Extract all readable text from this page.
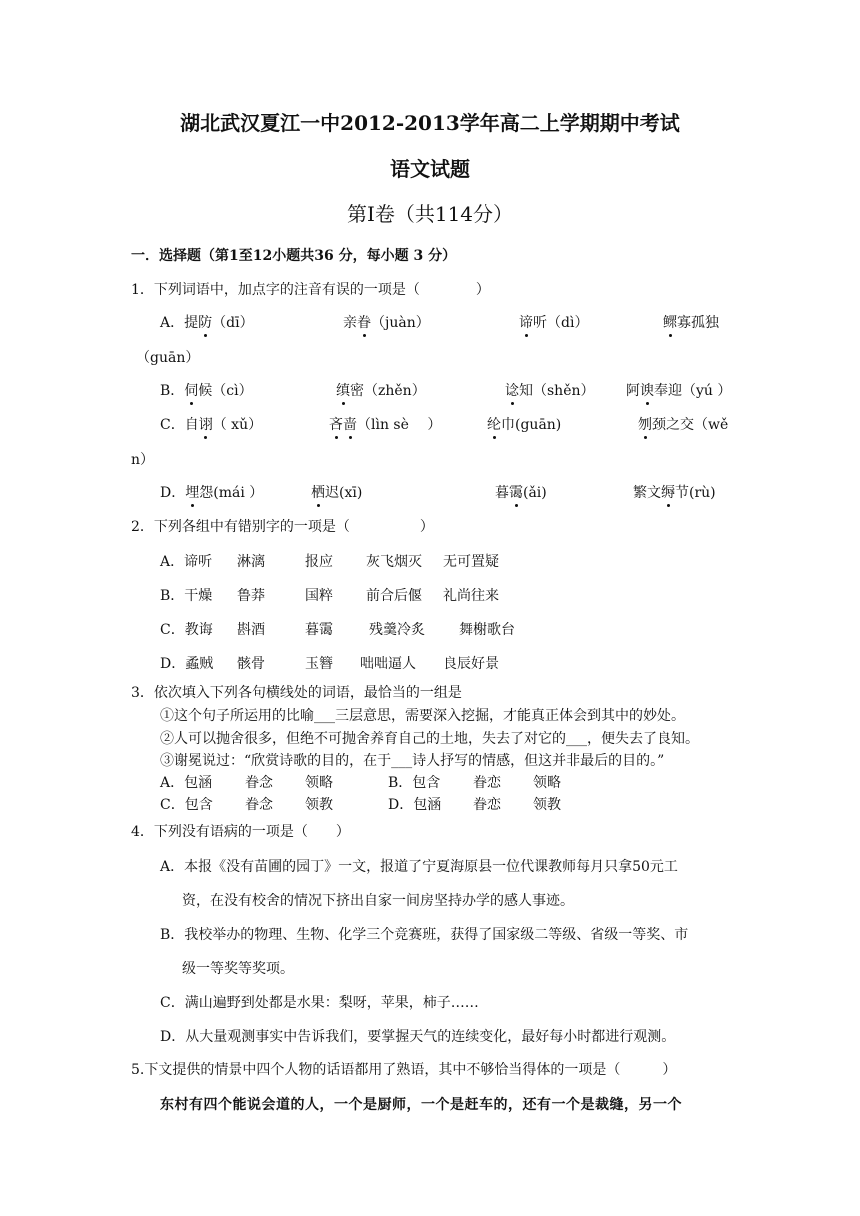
湖北武汉夏江一中2012-2013学年高二上学期期中考试
语文试题
第Ⅰ卷（共114分）
一．选择题（第1至12小题共36 分，每小题 3 分）
1．下列词语中，加点字的注音有误的一项是（　　　　）
A．提防（dī）	亲眷（juàn）	谛听（dì）	鳏寡孤独
（guān）
B．伺候（cì）	缜密（zhěn）	谂知（shěn） 阿谀奉迎（yú ）
C．自诩（ xǔ）	吝啬（lìn sè　 ）	纶巾(guān)	刎颈之交（wě
n）
D．埋怨(mái ）	栖迟(xī)	暮霭(ǎi)	繁文缛节(rù)
2．下列各组中有错别字的一项是（　　　　　）
A．谛听 淋漓	报应 灰飞烟灭 无可置疑
B．干燥 鲁莽	国粹 前合后偃 礼尚往来
C．教诲 斟酒	暮霭	残羹冷炙 舞榭歌台
D．蟊贼 骸骨	玉簪 咄咄逼人 良辰好景
3．依次填入下列各句横线处的词语，最恰当的一组是
①这个句子所运用的比喻___三层意思，需要深入挖掘，才能真正体会到其中的妙处。
②人可以抛舍很多，但绝不可抛舍养育自己的土地，失去了对它的___，便失去了良知。
③谢冕说过：“欣赏诗歌的目的，在于___诗人抒写的情感，但这并非最后的目的。”
A．包涵 眷念 领略	B．包含 眷恋 领略
C．包含 眷念 领教	D．包涵 眷恋 领教
4．下列没有语病的一项是（　　）
A．本报《没有苗圃的园丁》一文，报道了宁夏海原县一位代课教师每月只拿50元工
资，在没有校舍的情况下挤出自家一间房坚持办学的感人事迹。
B．我校举办的物理、生物、化学三个竞赛班，获得了国家级二等级、省级一等奖、市
级一等奖等奖项。
C．满山遍野到处都是水果：梨呀，苹果，柿子……
D．从大量观测事实中告诉我们，要掌握天气的连续变化，最好每小时都进行观测。
5.下文提供的情景中四个人物的话语都用了熟语，其中不够恰当得体的一项是（　　　）
东村有四个能说会道的人，一个是厨师，一个是赶车的，还有一个是裁缝，另一个
